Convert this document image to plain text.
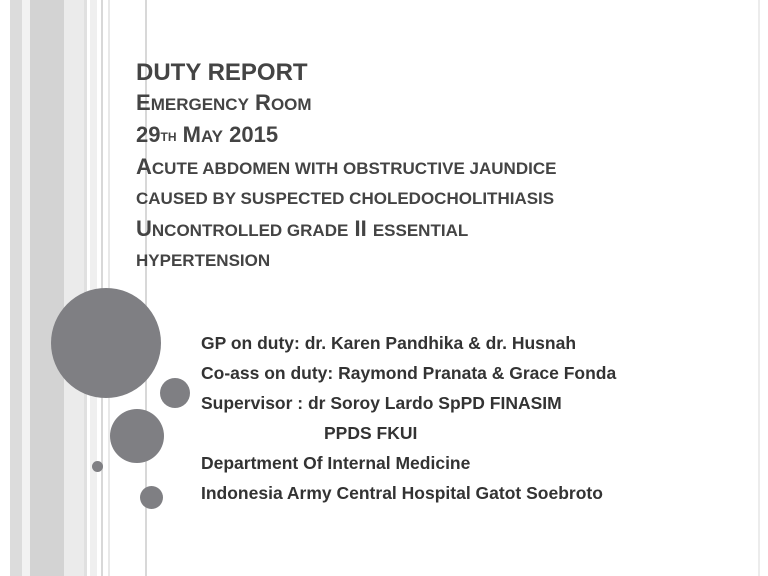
DUTY REPORT
EMERGENCY ROOM
29TH MAY 2015
ACUTE ABDOMEN WITH OBSTRUCTIVE JAUNDICE
CAUSED BY SUSPECTED CHOLEDOCHOLITHIASIS
UNCONTROLLED GRADE II ESSENTIAL
HYPERTENSION
GP on duty: dr. Karen Pandhika & dr. Husnah
Co-ass on duty: Raymond Pranata & Grace Fonda
Supervisor : dr Soroy Lardo SpPD FINASIM
PPDS FKUI
Department Of Internal Medicine
Indonesia Army Central Hospital Gatot Soebroto
